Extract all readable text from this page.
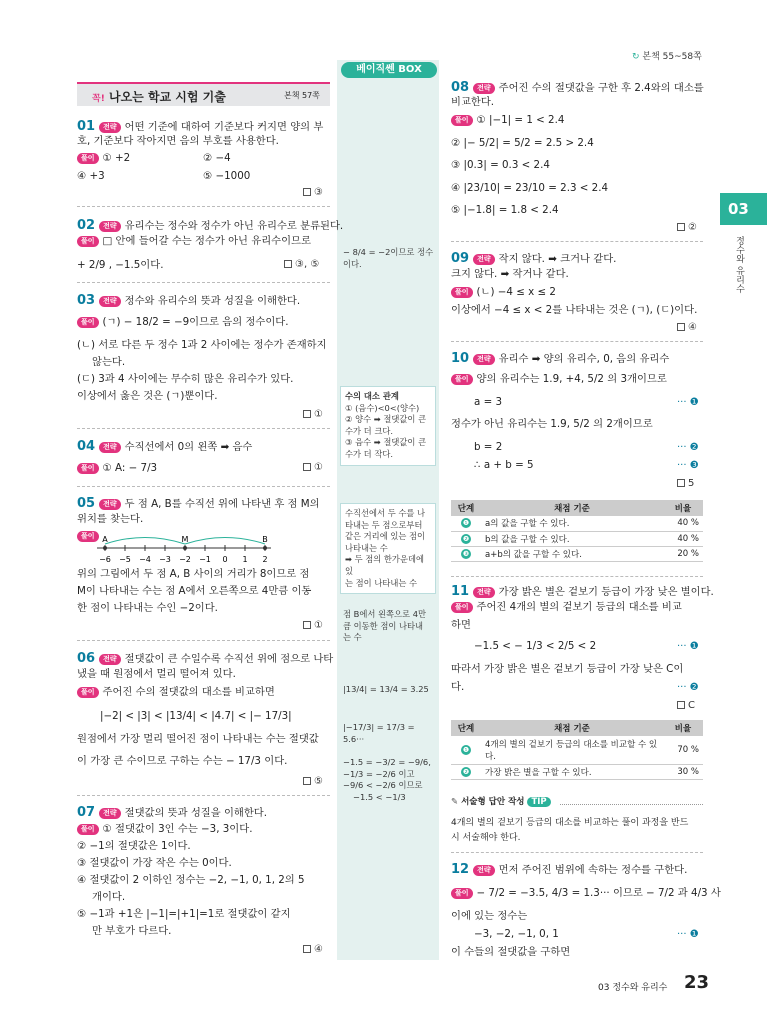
↻ 본책 55~58쪽
꼭! 나오는 학교 시험 기출	본책 57쪽
베이직쎈 BOX
− 8/4 = −2이므로 정수이다.
수의 대소 관계
① (음수)<0<(양수)
② 양수 ➡ 절댓값이 큰 수가 더 크다.
③ 음수 ➡ 절댓값이 큰 수가 더 작다.
수직선에서 두 수를 나
타내는 두 점으로부터
같은 거리에 있는 점이
나타내는 수
➡ 두 점의 한가운데에 있
는 점이 나타내는 수
점 B에서 왼쪽으로 4만
큼 이동한 점이 나타내
는 수
|13/4| = 13/4 = 3.25
|−17/3| = 17/3 = 5.6···
−1.5 = −3/2 = −9/6,
−1/3 = −2/6 이고
−9/6 < −2/6 이므로
−1.5 < −1/3
01 전략 어떤 기준에 대하여 기준보다 커지면 양의 부
호, 기준보다 작아지면 음의 부호를 사용한다.
풀이 ① +2	② −4
④ +3	⑤ −1000
③
02 전략 유리수는 정수와 정수가 아닌 유리수로 분류된다.
풀이 □ 안에 들어갈 수는 정수가 아닌 유리수이므로
+ 2/9 , −1.5이다.	③, ⑤
03 전략 정수와 유리수의 뜻과 성질을 이해한다.
풀이 (ㄱ) − 18/2 = −9이므로 음의 정수이다.
(ㄴ) 서로 다른 두 정수 1과 2 사이에는 정수가 존재하지
않는다.
(ㄷ) 3과 4 사이에는 무수히 많은 유리수가 있다.
이상에서 옳은 것은 (ㄱ)뿐이다.
①
04 전략 수직선에서 0의 왼쪽 ➡ 음수
풀이 ① A: − 7/3	①
05 전략 두 점 A, B를 수직선 위에 나타낸 후 점 M의
위치를 찾는다.
풀이
−6 −5 −4 −3 −2 −1 0 1 2
A	M	B
위의 그림에서 두 점 A, B 사이의 거리가 8이므로 점
M이 나타내는 수는 점 A에서 오른쪽으로 4만큼 이동
한 점이 나타내는 수인 −2이다.
①
06 전략 절댓값이 큰 수일수록 수직선 위에 점으로 나타
냈을 때 원점에서 멀리 떨어져 있다.
풀이 주어진 수의 절댓값의 대소를 비교하면
|−2| < |3| < |13/4| < |4.7| < |− 17/3|
원점에서 가장 멀리 떨어진 점이 나타내는 수는 절댓값
이 가장 큰 수이므로 구하는 수는 − 17/3 이다.
⑤
07 전략 절댓값의 뜻과 성질을 이해한다.
풀이 ① 절댓값이 3인 수는 −3, 3이다.
② −1의 절댓값은 1이다.
③ 절댓값이 가장 작은 수는 0이다.
④ 절댓값이 2 이하인 정수는 −2, −1, 0, 1, 2의 5
개이다.
⑤ −1과 +1은 |−1|=|+1|=1로 절댓값이 같지
만 부호가 다르다.
④
08 전략 주어진 수의 절댓값을 구한 후 2.4와의 대소를
비교한다.
풀이 ① |−1| = 1 < 2.4
② |− 5/2| = 5/2 = 2.5 > 2.4
③ |0.3| = 0.3 < 2.4
④ |23/10| = 23/10 = 2.3 < 2.4
⑤ |−1.8| = 1.8 < 2.4
②
09 전략 작지 않다. ➡ 크거나 같다.
크지 않다. ➡ 작거나 같다.
풀이 (ㄴ) −4 ≤ x ≤ 2
이상에서 −4 ≤ x < 2를 나타내는 것은 (ㄱ), (ㄷ)이다.
④
10 전략 유리수 ➡ 양의 유리수, 0, 음의 유리수
풀이 양의 유리수는 1.9, +4, 5/2 의 3개이므로
a = 3	··· ❶
정수가 아닌 유리수는 1.9, 5/2 의 2개이므로
b = 2	··· ❷
∴ a + b = 5	··· ❸
5
단계	채점 기준	비율
❶	a의 값을 구할 수 있다.	40 %
❷	b의 값을 구할 수 있다.	40 %
❸	a+b의 값을 구할 수 있다.	20 %
11 전략 가장 밝은 별은 겉보기 등급이 가장 낮은 별이다.
풀이 주어진 4개의 별의 겉보기 등급의 대소를 비교
하면
−1.5 < − 1/3 < 2/5 < 2	··· ❶
따라서 가장 밝은 별은 겉보기 등급이 가장 낮은 C이
다.	··· ❷
C
단계	채점 기준	비율
❶	4개의 별의 겉보기 등급의 대소를 비교할 수 있다.	70 %
❷	가장 밝은 별을 구할 수 있다.	30 %
✎ 서술형 답안 작성 TIP
4개의 별의 겉보기 등급의 대소를 비교하는 풀이 과정을 반드
시 서술해야 한다.
12 전략 먼저 주어진 범위에 속하는 정수를 구한다.
풀이 − 7/2 = −3.5, 4/3 = 1.3··· 이므로 − 7/2 과 4/3 사
이에 있는 정수는
−3, −2, −1, 0, 1	··· ❶
이 수들의 절댓값을 구하면
03
정수와 유리수
03 정수와 유리수 23
